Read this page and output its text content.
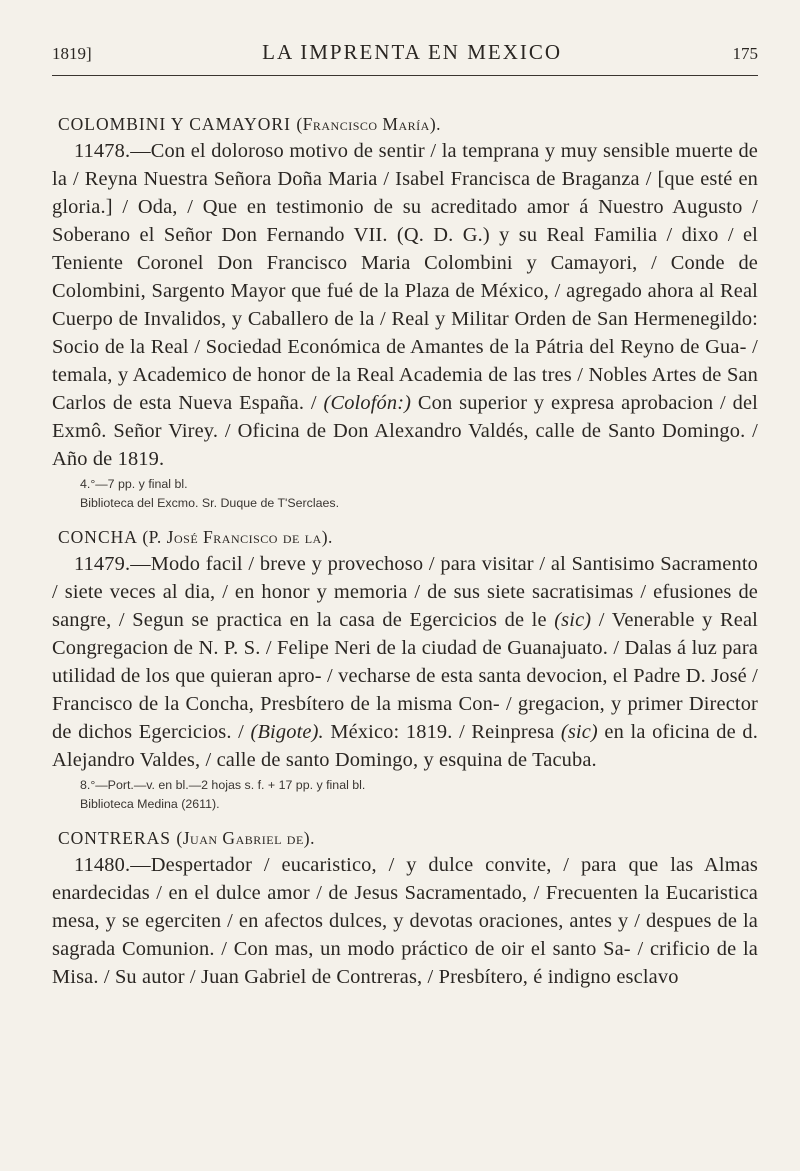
1819]	LA IMPRENTA EN MEXICO	175

COLOMBINI Y CAMAYORI (Francisco María).

11478.—Con el doloroso motivo de sentir / la temprana y muy sensible muerte de la / Reyna Nuestra Señora Doña Maria / Isabel Francisca de Braganza / [que esté en gloria.] / Oda, / Que en testimonio de su acreditado amor á Nuestro Augusto / Soberano el Señor Don Fernando VII. (Q. D. G.) y su Real Familia / dixo / el Teniente Coronel Don Francisco Maria Colombini y Camayori, / Conde de Colombini, Sargento Mayor que fué de la Plaza de México, / agregado ahora al Real Cuerpo de Invalidos, y Caballero de la / Real y Militar Orden de San Hermenegildo: Socio de la Real / Sociedad Económica de Amantes de la Pátria del Reyno de Gua- / temala, y Academico de honor de la Real Academia de las tres / Nobles Artes de San Carlos de esta Nueva España. / (Colofón:) Con superior y expresa aprobacion / del Exmô. Señor Virey. / Oficina de Don Alexandro Valdés, calle de Santo Domingo. / Año de 1819.

4.°—7 pp. y final bl.
Biblioteca del Excmo. Sr. Duque de T'Serclaes.

CONCHA (P. José Francisco de la).

11479.—Modo facil / breve y provechoso / para visitar / al Santisimo Sacramento / siete veces al dia, / en honor y memoria / de sus siete sacratisimas / efusiones de sangre, / Segun se practica en la casa de Egercicios de le (sic) / Venerable y Real Congregacion de N. P. S. / Felipe Neri de la ciudad de Guanajuato. / Dalas á luz para utilidad de los que quieran apro- / vecharse de esta santa devocion, el Padre D. José / Francisco de la Concha, Presbítero de la misma Con- / gregacion, y primer Director de dichos Egercicios. / (Bigote). México: 1819. / Reinpresa (sic) en la oficina de d. Alejandro Valdes, / calle de santo Domingo, y esquina de Tacuba.

8.°—Port.—v. en bl.—2 hojas s. f. + 17 pp. y final bl.
Biblioteca Medina (2611).

CONTRERAS (Juan Gabriel de).

11480.—Despertador / eucaristico, / y dulce convite, / para que las Almas enardecidas / en el dulce amor / de Jesus Sacramentado, / Frecuenten la Eucaristica mesa, y se egerciten / en afectos dulces, y devotas oraciones, antes y / despues de la sagrada Comunion. / Con mas, un modo práctico de oir el santo Sa- / crificio de la Misa. / Su autor / Juan Gabriel de Contreras, / Presbítero, é indigno esclavo
